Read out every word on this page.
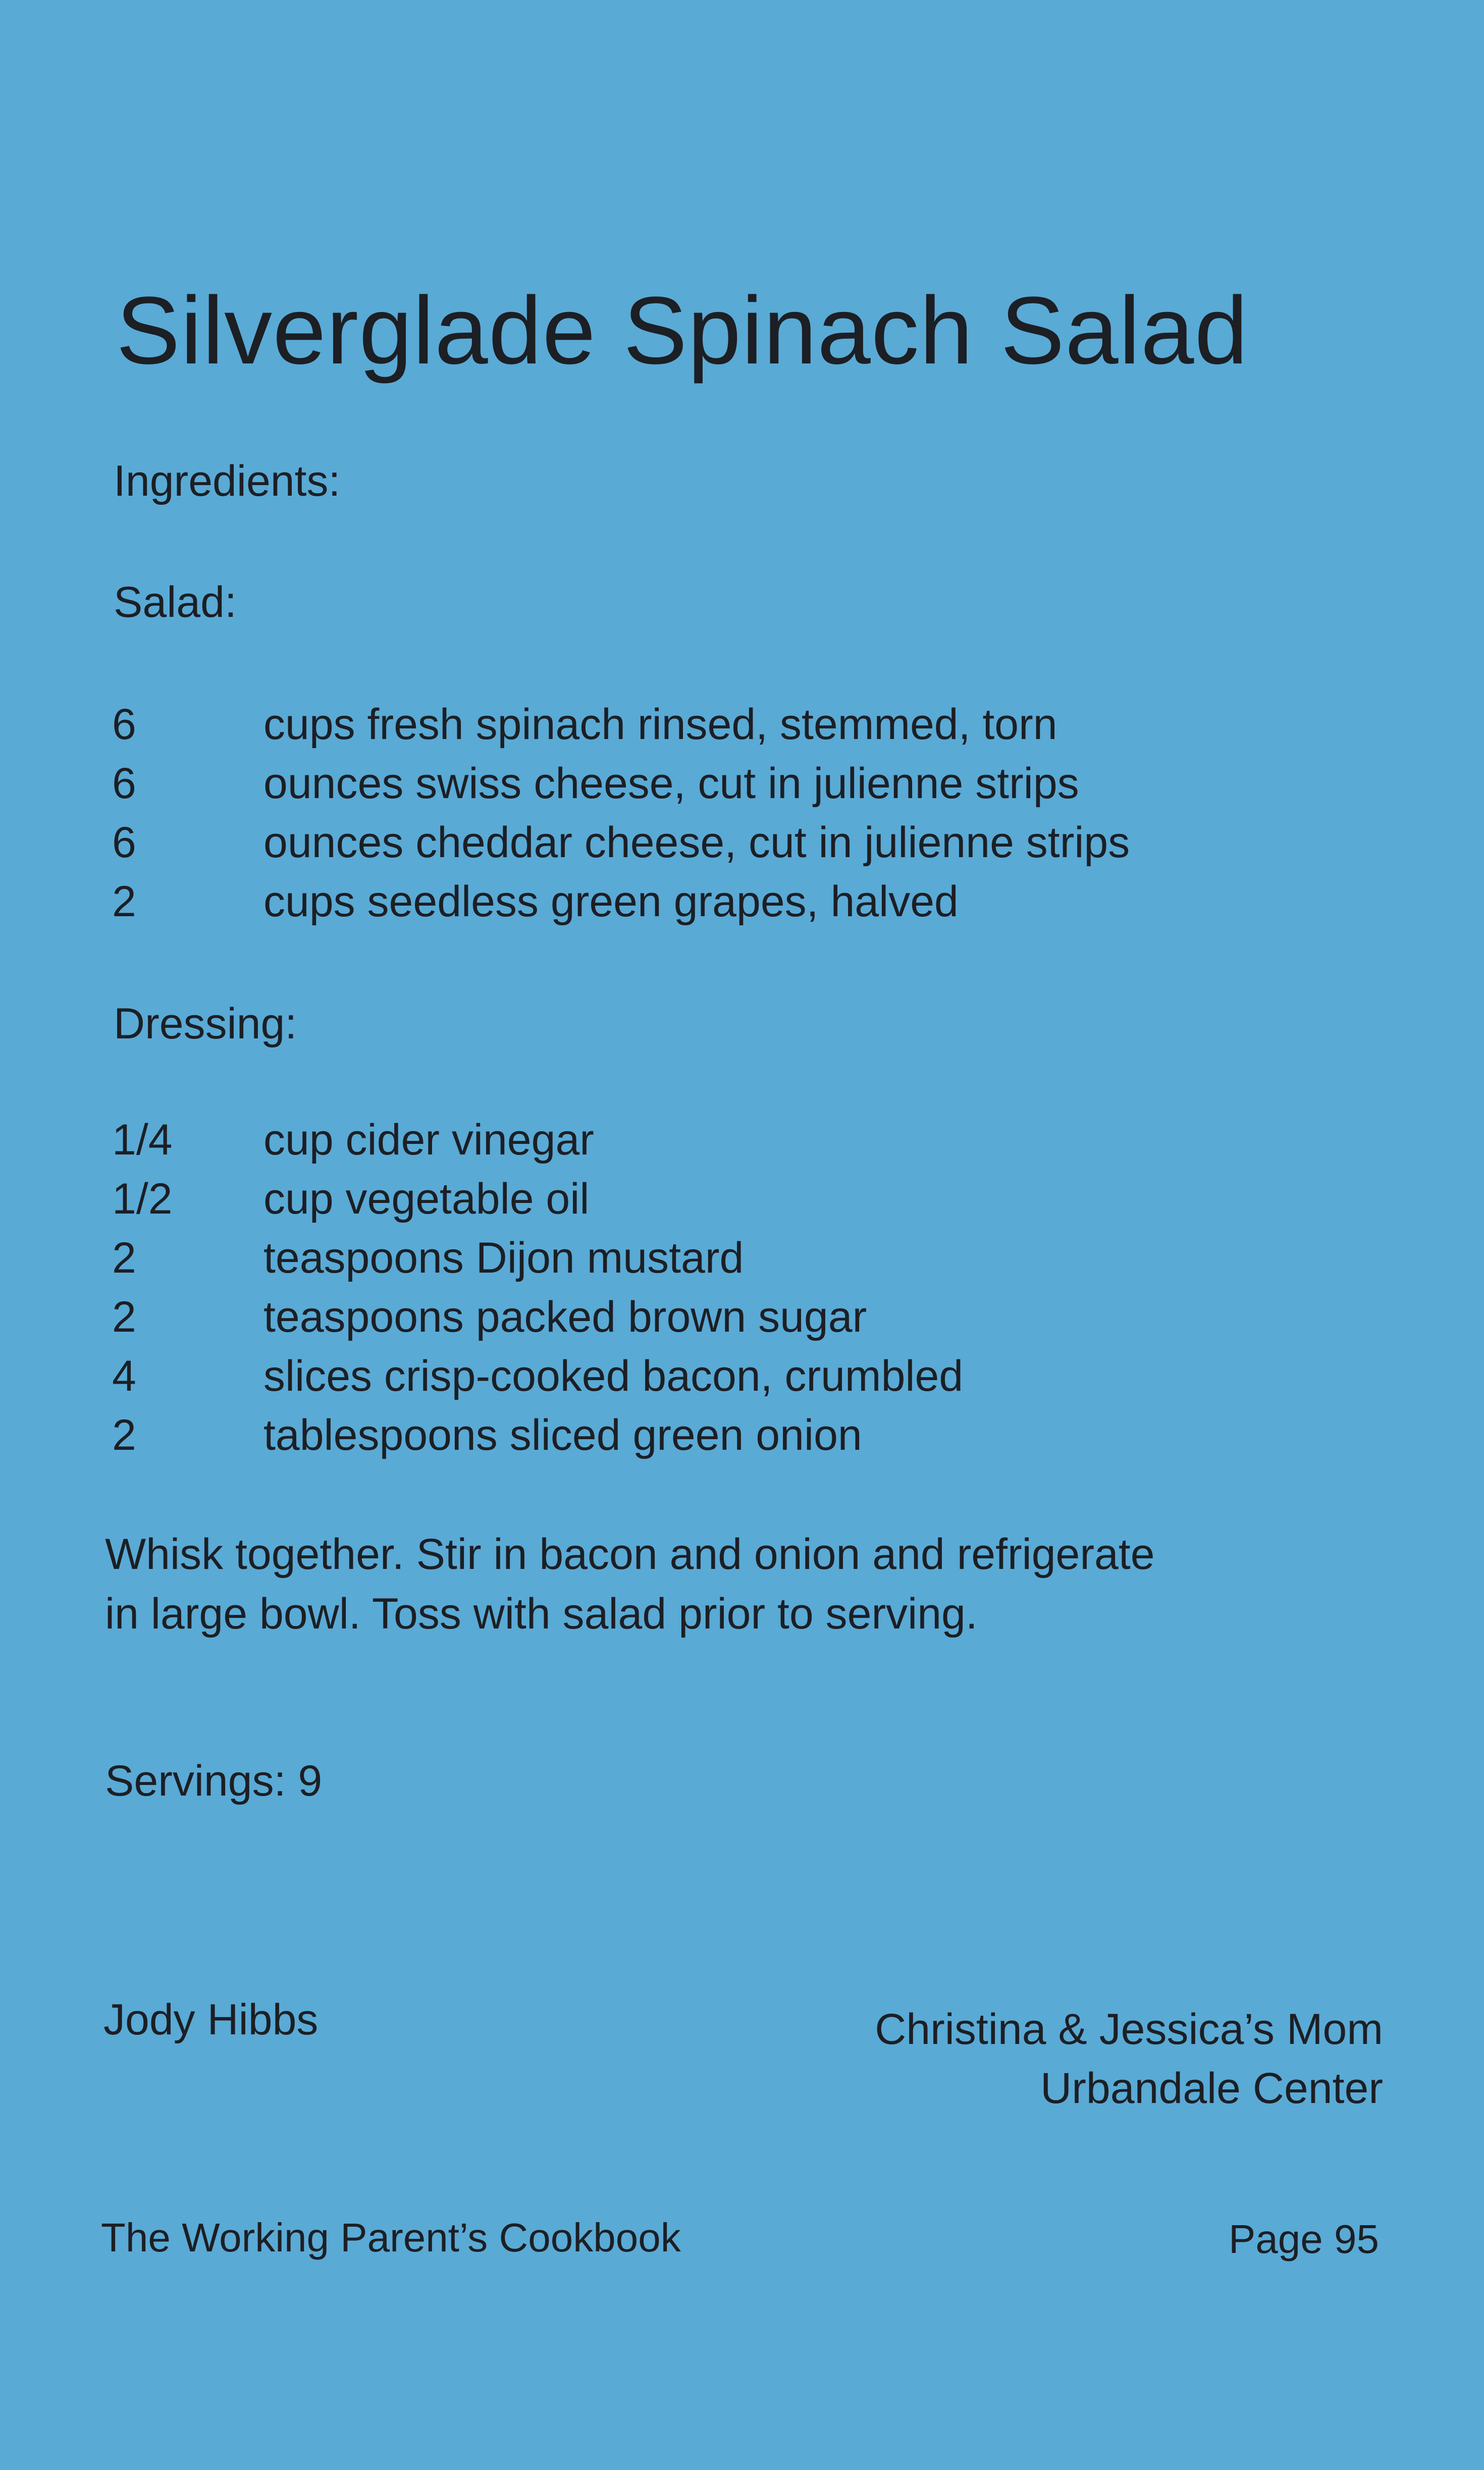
Silverglade Spinach Salad
Ingredients:
Salad:
6	cups fresh spinach rinsed, stemmed, torn
6	ounces swiss cheese, cut in julienne strips
6	ounces cheddar cheese, cut in julienne strips
2	cups seedless green grapes, halved
Dressing:
1/4	cup cider vinegar
1/2	cup vegetable oil
2	teaspoons Dijon mustard
2	teaspoons packed brown sugar
4	slices crisp-cooked bacon, crumbled
2	tablespoons sliced green onion
Whisk together. Stir in bacon and onion and refrigerate
in large bowl. Toss with salad prior to serving.
Servings: 9
Jody Hibbs	Christina & Jessica’s Mom
Urbandale Center
The Working Parent’s Cookbook	Page 95
